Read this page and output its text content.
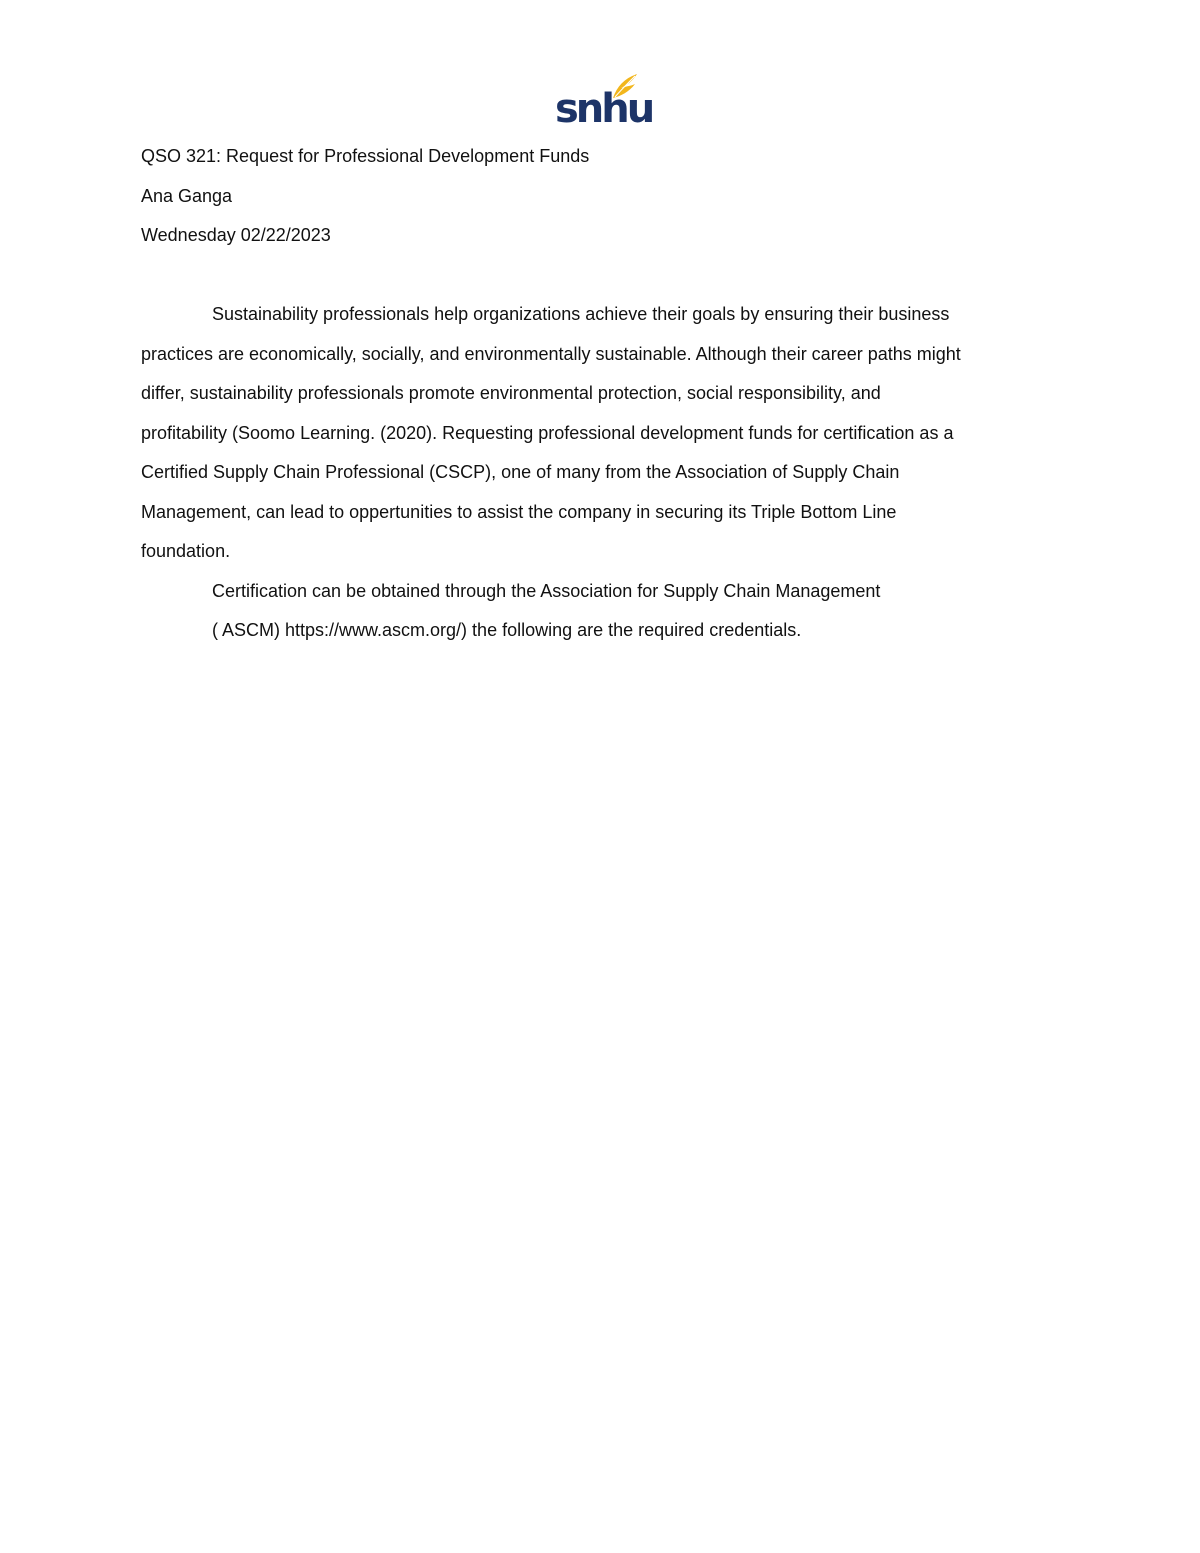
snhu
QSO 321: Request for Professional Development Funds
Ana Ganga
Wednesday 02/22/2023
Sustainability professionals help organizations achieve their goals by ensuring their business
practices are economically, socially, and environmentally sustainable. Although their career paths might
differ, sustainability professionals promote environmental protection, social responsibility, and
profitability (Soomo Learning. (2020). Requesting professional development funds for certification as a
Certified Supply Chain Professional (CSCP), one of many from the Association of Supply Chain
Management, can lead to oppertunities to assist the company in securing its Triple Bottom Line
foundation.
Certification can be obtained through the Association for Supply Chain Management
( ASCM) https://www.ascm.org/) the following are the required credentials.
